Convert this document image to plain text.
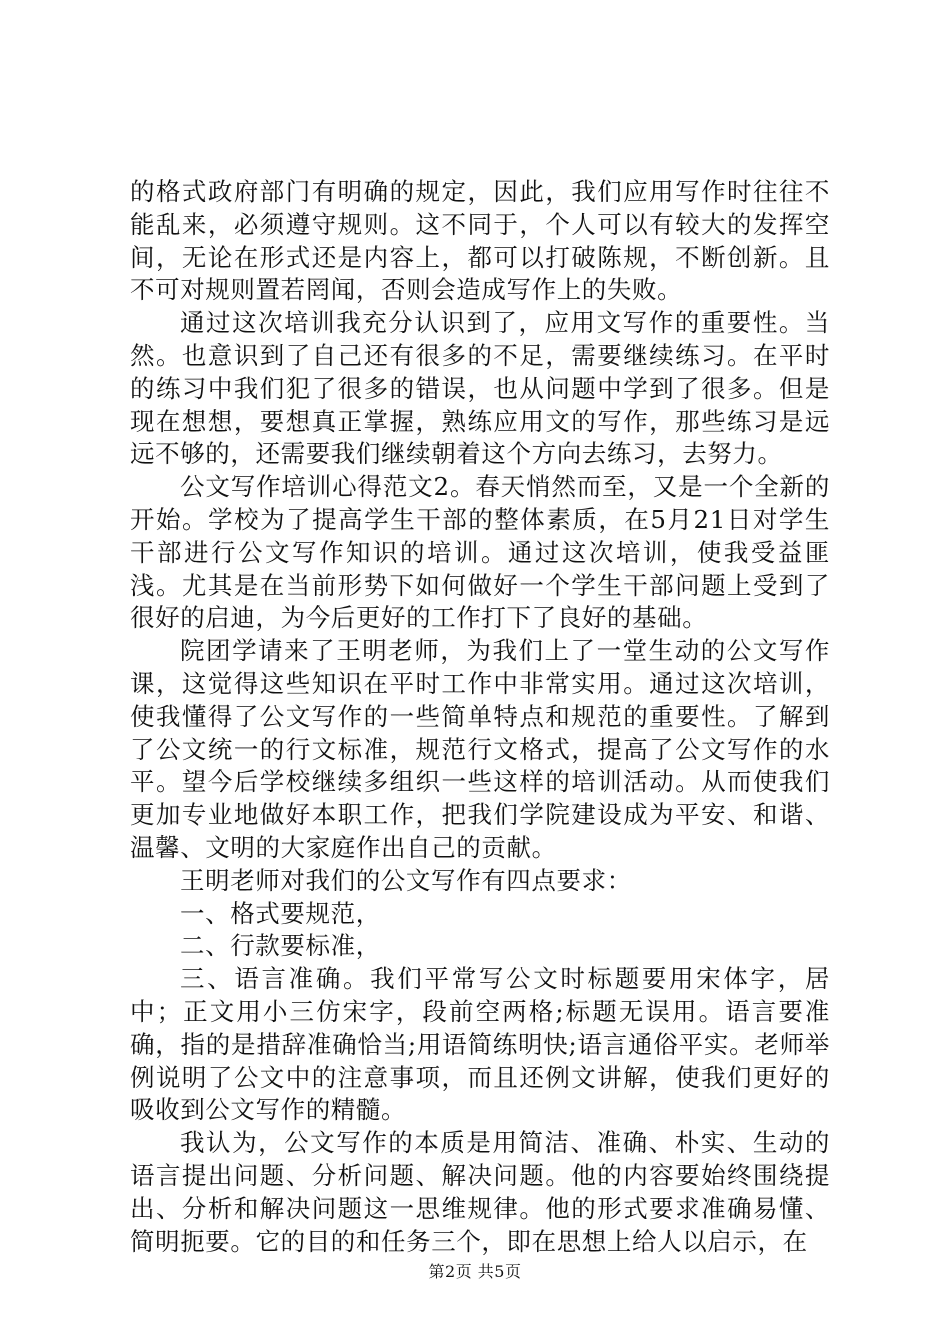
的格式政府部门有明确的规定，因此，我们应用写作时往往不能乱来，必须遵守规则。这不同于，个人可以有较大的发挥空间，无论在形式还是内容上，都可以打破陈规，不断创新。且不可对规则置若罔闻，否则会造成写作上的失败。

通过这次培训我充分认识到了，应用文写作的重要性。当然。也意识到了自己还有很多的不足，需要继续练习。在平时的练习中我们犯了很多的错误，也从问题中学到了很多。但是现在想想，要想真正掌握，熟练应用文的写作，那些练习是远远不够的，还需要我们继续朝着这个方向去练习，去努力。

公文写作培训心得范文2。春天悄然而至，又是一个全新的开始。学校为了提高学生干部的整体素质，在5月21日对学生干部进行公文写作知识的培训。通过这次培训，使我受益匪浅。尤其是在当前形势下如何做好一个学生干部问题上受到了很好的启迪，为今后更好的工作打下了良好的基础。

院团学请来了王明老师，为我们上了一堂生动的公文写作课，这觉得这些知识在平时工作中非常实用。通过这次培训，使我懂得了公文写作的一些简单特点和规范的重要性。了解到了公文统一的行文标准，规范行文格式，提高了公文写作的水平。望今后学校继续多组织一些这样的培训活动。从而使我们更加专业地做好本职工作，把我们学院建设成为平安、和谐、温馨、文明的大家庭作出自己的贡献。

王明老师对我们的公文写作有四点要求：

一、格式要规范，

二、行款要标准，

三、语言准确。我们平常写公文时标题要用宋体字，居中；正文用小三仿宋字，段前空两格;标题无误用。语言要准确，指的是措辞准确恰当;用语简练明快;语言通俗平实。老师举例说明了公文中的注意事项，而且还例文讲解，使我们更好的吸收到公文写作的精髓。

我认为，公文写作的本质是用简洁、准确、朴实、生动的语言提出问题、分析问题、解决问题。他的内容要始终围绕提出、分析和解决问题这一思维规律。他的形式要求准确易懂、简明扼要。它的目的和任务三个，即在思想上给人以启示，在

第2页 共5页
